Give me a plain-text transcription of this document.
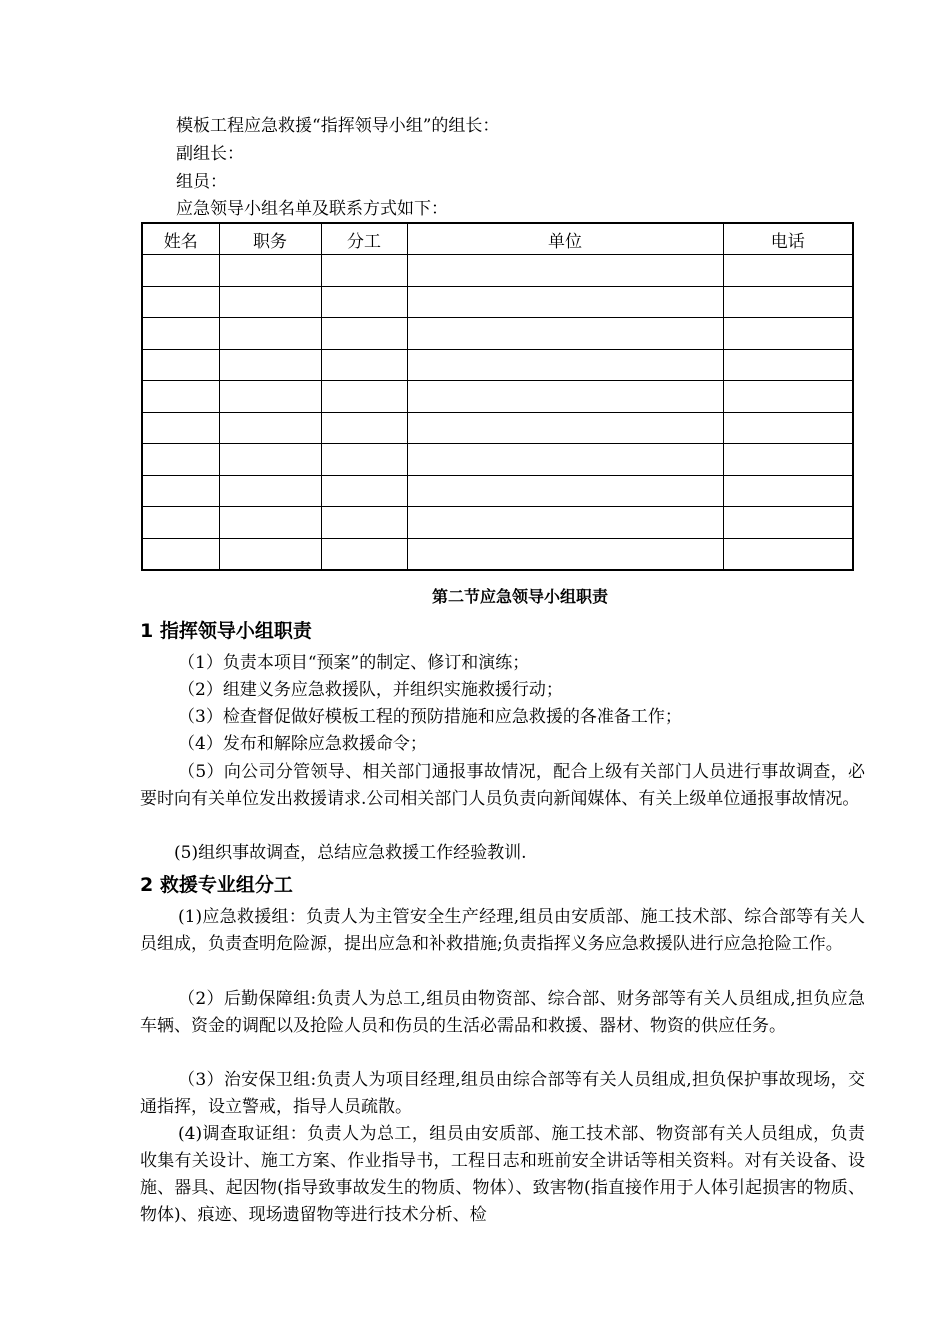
模板工程应急救援“指挥领导小组”的组长：
副组长：
组员：
应急领导小组名单及联系方式如下：
姓名	职务	分工	单位	电话

第二节应急领导小组职责
1 指挥领导小组职责
（1）负责本项目“预案”的制定、修订和演练；
（2）组建义务应急救援队，并组织实施救援行动；
（3）检查督促做好模板工程的预防措施和应急救援的各准备工作；
（4）发布和解除应急救援命令；
（5）向公司分管领导、相关部门通报事故情况，配合上级有关部门人员进行事故调查，必要时向有关单位发出救援请求.公司相关部门人员负责向新闻媒体、有关上级单位通报事故情况。
(5)组织事故调查，总结应急救援工作经验教训.
2 救援专业组分工
(1)应急救援组：负责人为主管安全生产经理,组员由安质部、施工技术部、综合部等有关人员组成，负责查明危险源，提出应急和补救措施;负责指挥义务应急救援队进行应急抢险工作。
（2）后勤保障组:负责人为总工,组员由物资部、综合部、财务部等有关人员组成,担负应急车辆、资金的调配以及抢险人员和伤员的生活必需品和救援、器材、物资的供应任务。
（3）治安保卫组:负责人为项目经理,组员由综合部等有关人员组成,担负保护事故现场，交通指挥，设立警戒，指导人员疏散。
(4)调查取证组：负责人为总工，组员由安质部、施工技术部、物资部有关人员组成，负责收集有关设计、施工方案、作业指导书，工程日志和班前安全讲话等相关资料。对有关设备、设施、器具、起因物(指导致事故发生的物质、物体）、致害物(指直接作用于人体引起损害的物质、物体)、痕迹、现场遗留物等进行技术分析、检
